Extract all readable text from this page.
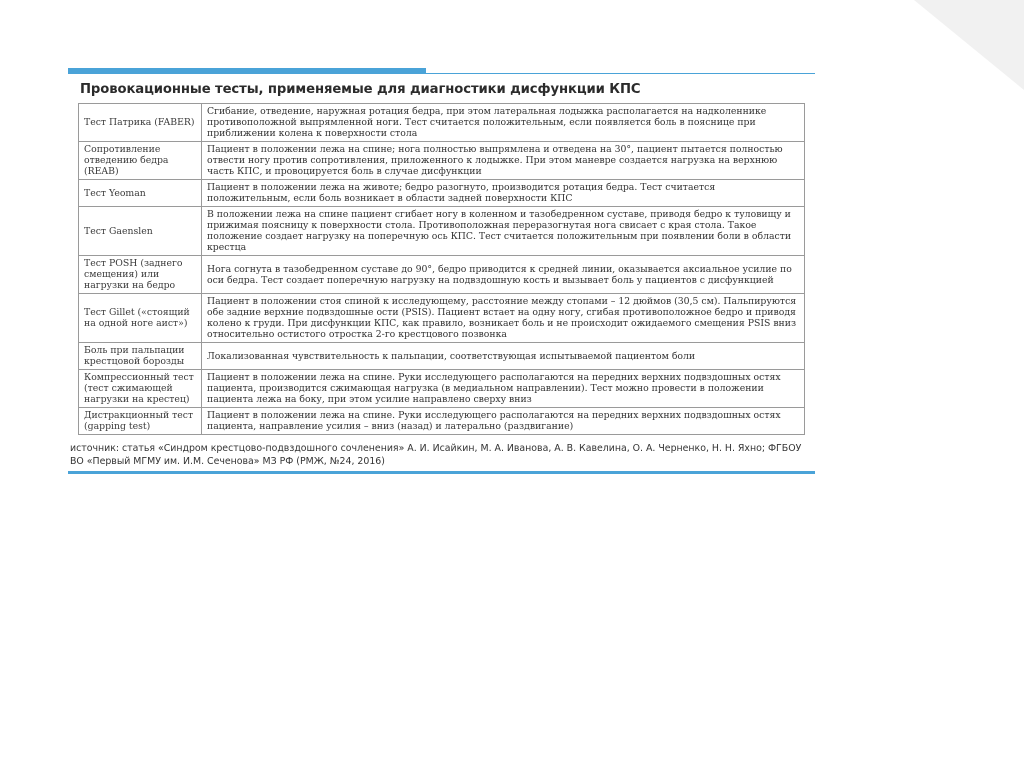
Провокационные тесты, применяемые для диагностики дисфункции КПС
Тест Патрика (FABER)	Сгибание, отведение, наружная ротация бедра, при этом латеральная лодыжка располагается на надколеннике противоположной выпрямленной ноги. Тест считается положительным, если появляется боль в пояснице при приближении колена к поверхности стола
Сопротивление отведению бедра (REAB)	Пациент в положении лежа на спине; нога полностью выпрямлена и отведена на 30°, пациент пытается полностью отвести ногу против сопротивления, приложенного к лодыжке. При этом маневре создается нагрузка на верхнюю часть КПС, и провоцируется боль в случае дисфункции
Тест Yeoman	Пациент в положении лежа на животе; бедро разогнуто, производится ротация бедра. Тест считается положительным, если боль возникает в области задней поверхности КПС
Тест Gaenslen	В положении лежа на спине пациент сгибает ногу в коленном и тазобедренном суставе, приводя бедро к туловищу и прижимая поясницу к поверхности стола. Противоположная переразогнутая нога свисает с края стола. Такое положение создает нагрузку на поперечную ось КПС. Тест считается положительным при появлении боли в области крестца
Тест POSH (заднего смещения) или нагрузки на бедро	Нога согнута в тазобедренном суставе до 90°, бедро приводится к средней линии, оказывается аксиальное усилие по оси бедра. Тест создает поперечную нагрузку на подвздошную кость и вызывает боль у пациентов с дисфункцией
Тест Gillet («стоящий на одной ноге аист»)	Пациент в положении стоя спиной к исследующему, расстояние между стопами – 12 дюймов (30,5 см). Пальпируются обе задние верхние подвздошные ости (PSIS). Пациент встает на одну ногу, сгибая противоположное бедро и приводя колено к груди. При дисфункции КПС, как правило, возникает боль и не происходит ожидаемого смещения PSIS вниз относительно остистого отростка 2-го крестцового позвонка
Боль при пальпации крестцовой борозды	Локализованная чувствительность к пальпации, соответствующая испытываемой пациентом боли
Компрессионный тест (тест сжимающей нагрузки на крестец)	Пациент в положении лежа на спине. Руки исследующего располагаются на передних верхних подвздошных остях пациента, производится сжимающая нагрузка (в медиальном направлении). Тест можно провести в положении пациента лежа на боку, при этом усилие направлено сверху вниз
Дистракционный тест (gapping test)	Пациент в положении лежа на спине. Руки исследующего располагаются на передних верхних подвздошных остях пациента, направление усилия – вниз (назад) и латерально (раздвигание)
источник: статья «Синдром крестцово-подвздошного сочленения» А. И. Исайкин, М. А. Иванова, А. В. Кавелина, О. А. Черненко, Н. Н. Яхно; ФГБОУ ВО «Первый МГМУ им. И.М. Сеченова» МЗ РФ (РМЖ, №24, 2016)
